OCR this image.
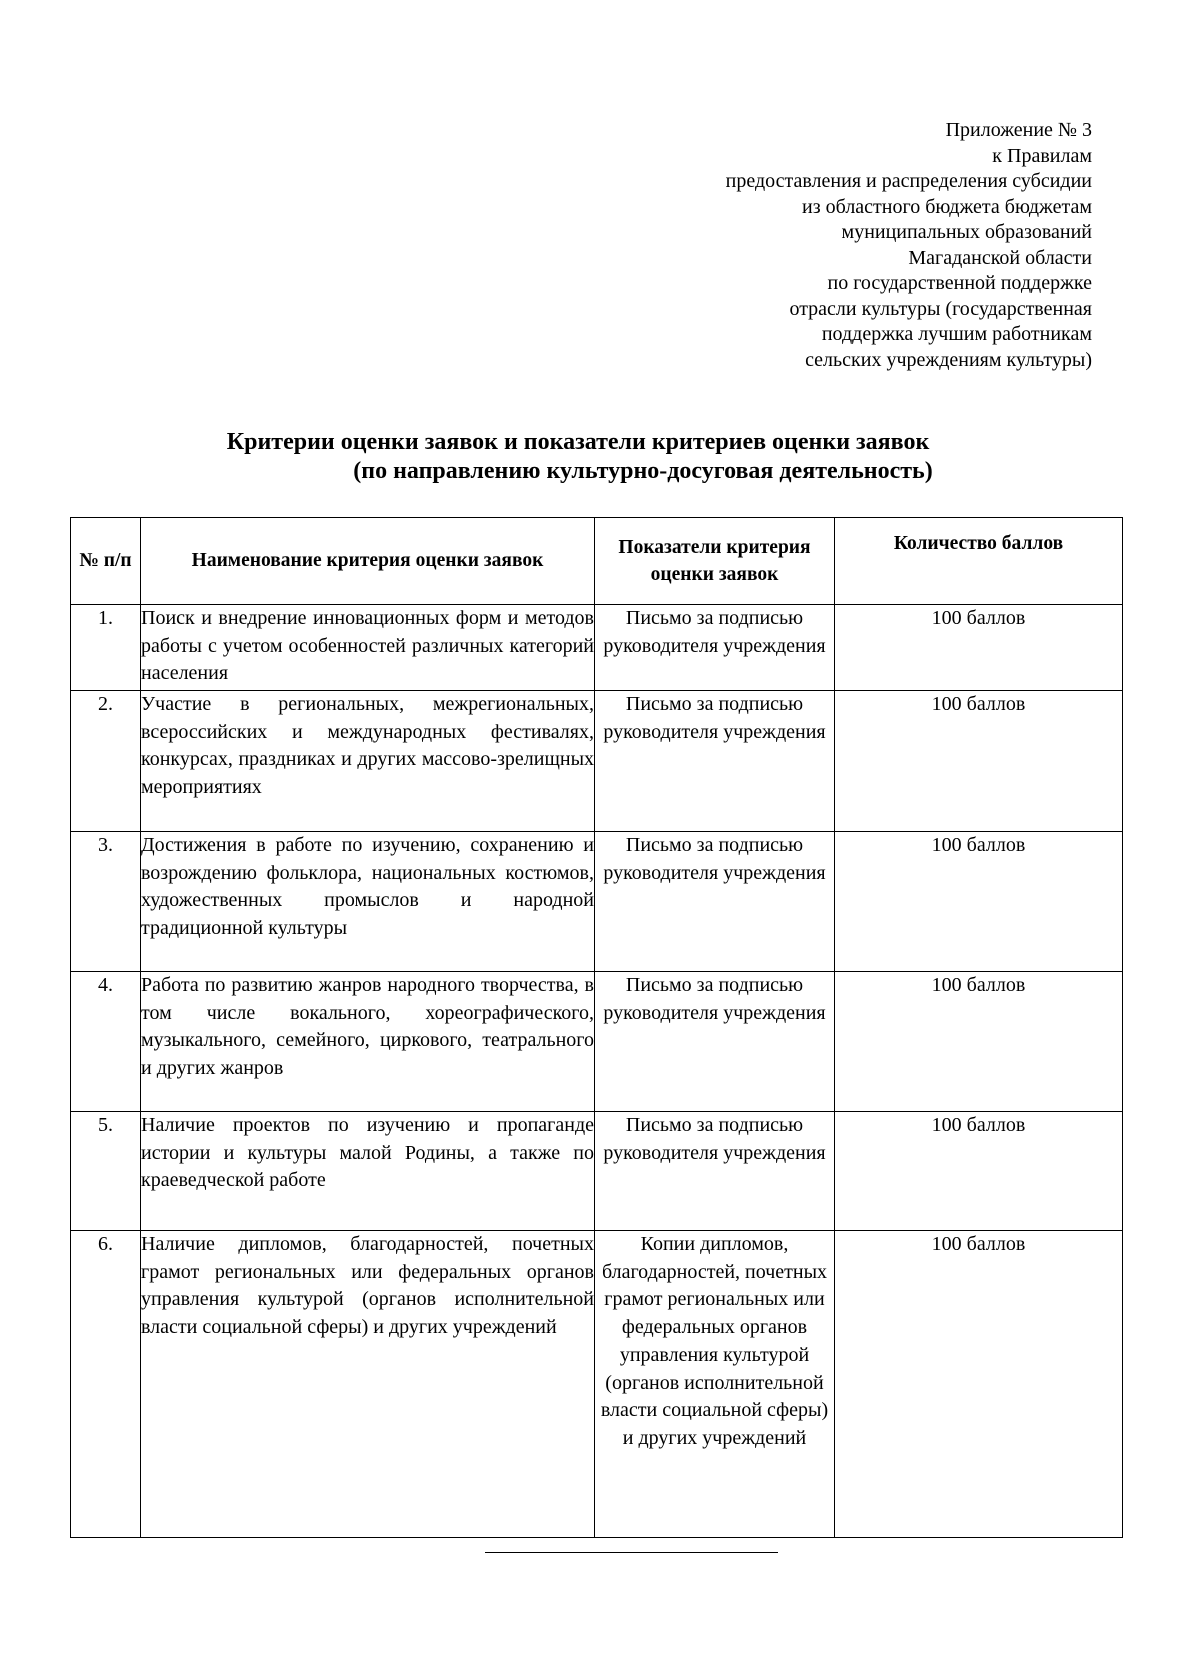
Приложение № 3
к Правилам
предоставления и распределения субсидии
из областного бюджета бюджетам
муниципальных образований
Магаданской области
по государственной поддержке
отрасли культуры (государственная
поддержка лучшим работникам
сельских учреждениям культуры)
Критерии оценки заявок и показатели критериев оценки заявок
(по направлению культурно-досуговая деятельность)
№ п/п	Наименование критерия оценки заявок	Показатели критерия оценки заявок	Количество баллов
1.	Поиск и внедрение инновационных форм и методов работы с учетом особенностей различных категорий населения	Письмо за подписью руководителя учреждения	100 баллов
2.	Участие в региональных, межрегиональных, всероссийских и международных фестивалях, конкурсах, праздниках и других массово-зрелищных мероприятиях	Письмо за подписью руководителя учреждения	100 баллов
3.	Достижения в работе по изучению, сохранению и возрождению фольклора, национальных костюмов, художественных промыслов и народной традиционной культуры	Письмо за подписью руководителя учреждения	100 баллов
4.	Работа по развитию жанров народного творчества, в том числе вокального, хореографического, музыкального, семейного, циркового, театрального и других жанров	Письмо за подписью руководителя учреждения	100 баллов
5.	Наличие проектов по изучению и пропаганде истории и культуры малой Родины, а также по краеведческой работе	Письмо за подписью руководителя учреждения	100 баллов
6.	Наличие дипломов, благодарностей, почетных грамот региональных или федеральных органов управления культурой (органов исполнительной власти социальной сферы) и других учреждений	Копии дипломов, благодарностей, почетных грамот региональных или федеральных органов управления культурой (органов исполнительной власти социальной сферы) и других учреждений	100 баллов
